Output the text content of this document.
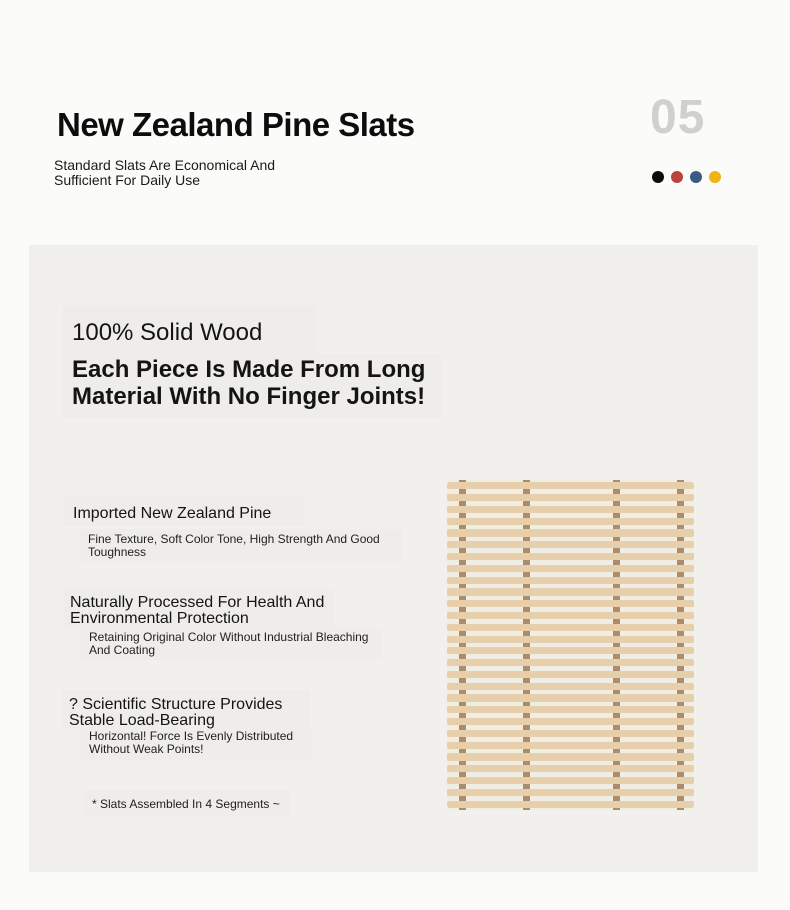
New Zealand Pine Slats
Standard Slats Are Economical And Sufficient For Daily Use
05
100% Solid Wood
Each Piece Is Made From Long Material With No Finger Joints!
Imported New Zealand Pine
Fine Texture, Soft Color Tone, High Strength And Good Toughness
Naturally Processed For Health And Environmental Protection
Retaining Original Color Without Industrial Bleaching And Coating
? Scientific Structure Provides Stable Load-Bearing
Horizontal! Force Is Evenly Distributed Without Weak Points!
* Slats Assembled In 4 Segments ~
